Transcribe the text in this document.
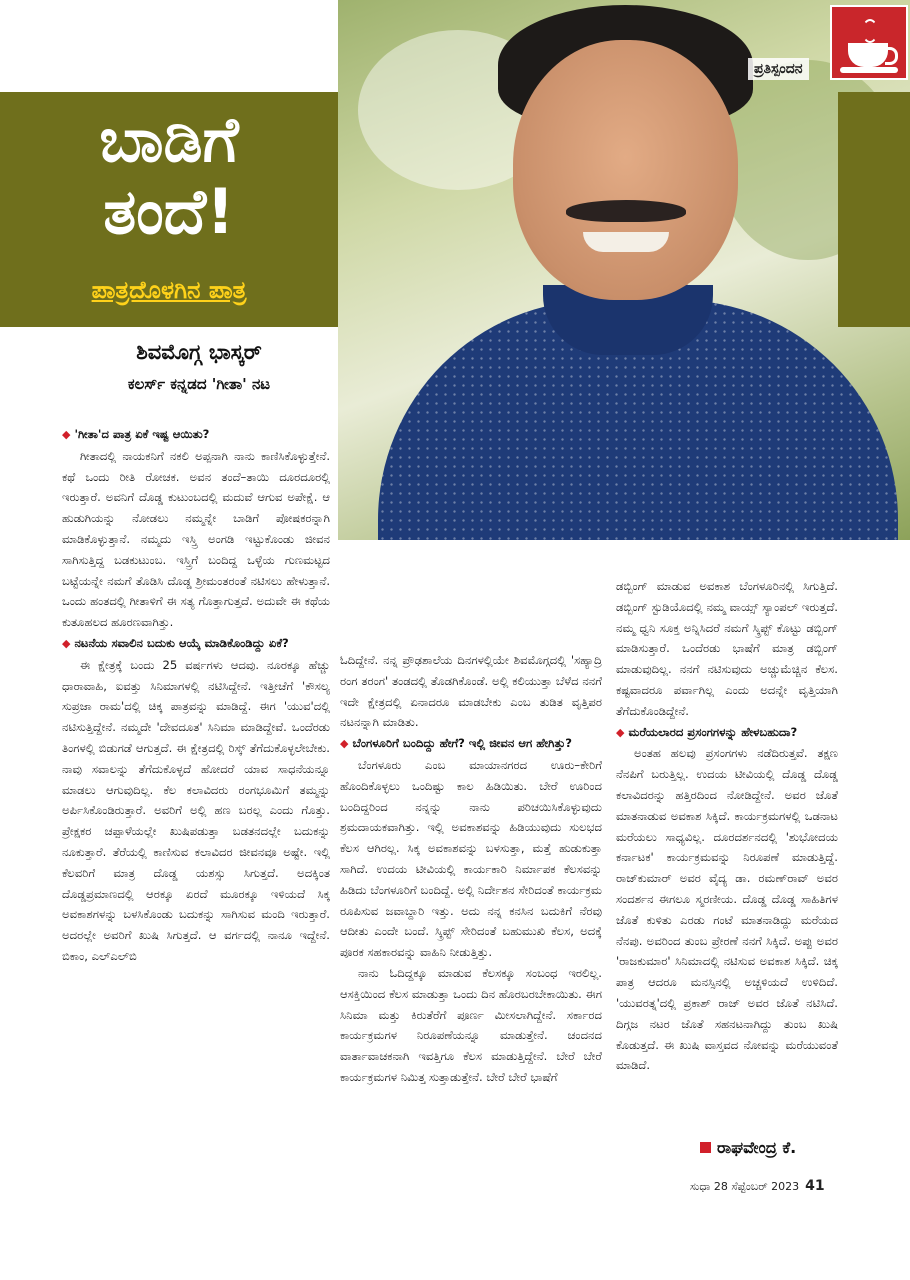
ಪ್ರತಿಸ್ಪಂದನ
ಬಾಡಿಗೆ
ತಂದೆ!
ಪಾತ್ರದೊಳಗಿನ ಪಾತ್ರ
ಶಿವಮೊಗ್ಗ ಭಾಸ್ಕರ್
ಕಲರ್ಸ್ ಕನ್ನಡದ 'ಗೀತಾ' ನಟ

◆ 'ಗೀತಾ'ದ ಪಾತ್ರ ಏಕೆ ಇಷ್ಟ ಆಯಿತು?

ಗೀತಾದಲ್ಲಿ ನಾಯಕನಿಗೆ ನಕಲಿ ಅಪ್ಪನಾಗಿ ನಾನು ಕಾಣಿಸಿಕೊಳ್ಳುತ್ತೇನೆ. ಕಥೆ ಒಂದು ರೀತಿ ರೋಚಕ. ಅವನ ತಂದೆ–ತಾಯಿ ದೂರದೂರಲ್ಲಿ ಇರುತ್ತಾರೆ. ಅವನಿಗೆ ದೊಡ್ಡ ಕುಟುಂಬದಲ್ಲಿ ಮದುವೆ ಆಗುವ ಅಪೇಕ್ಷೆ. ಆ ಹುಡುಗಿಯನ್ನು ನೋಡಲು ನಮ್ಮನ್ನೇ ಬಾಡಿಗೆ ಪೋಷಕರನ್ನಾಗಿ ಮಾಡಿಕೊಳ್ಳುತ್ತಾನೆ. ನಮ್ಮದು ಇಸ್ತ್ರಿ ಅಂಗಡಿ ಇಟ್ಟುಕೊಂಡು ಜೀವನ ಸಾಗಿಸುತ್ತಿದ್ದ ಬಡಕುಟುಂಬ. ಇಸ್ತ್ರಿಗೆ ಬಂದಿದ್ದ ಒಳ್ಳೆಯ ಗುಣಮಟ್ಟದ ಬಟ್ಟೆಯನ್ನೇ ನಮಗೆ ತೊಡಿಸಿ ದೊಡ್ಡ ಶ್ರೀಮಂತರಂತೆ ನಟಿಸಲು ಹೇಳುತ್ತಾನೆ. ಒಂದು ಹಂತದಲ್ಲಿ ಗೀತಾಳಿಗೆ ಈ ಸತ್ಯ ಗೊತ್ತಾಗುತ್ತದೆ. ಅದುವೇ ಈ ಕಥೆಯ ಕುತೂಹಲದ ಹೂರಣವಾಗಿತ್ತು.

◆ ನಟನೆಯ ಸವಾಲಿನ ಬದುಕು ಆಯ್ಕೆ ಮಾಡಿಕೊಂಡಿದ್ದು ಏಕೆ?

ಈ ಕ್ಷೇತ್ರಕ್ಕೆ ಬಂದು 25 ವರ್ಷಗಳು ಆದವು. ನೂರಕ್ಕೂ ಹೆಚ್ಚು ಧಾರಾವಾಹಿ, ಐವತ್ತು ಸಿನಿಮಾಗಳಲ್ಲಿ ನಟಿಸಿದ್ದೇನೆ. ಇತ್ತೀಚೆಗೆ 'ಕೌಸಲ್ಯ ಸುಪ್ರಜಾ ರಾಮ'ದಲ್ಲಿ ಚಿಕ್ಕ ಪಾತ್ರವನ್ನು ಮಾಡಿದ್ದೆ. ಈಗ 'ಯುವ'ದಲ್ಲಿ ನಟಿಸುತ್ತಿದ್ದೇನೆ. ನಮ್ಮದೇ 'ದೇವದೂತ' ಸಿನಿಮಾ ಮಾಡಿದ್ದೇವೆ. ಒಂದೆರಡು ತಿಂಗಳಲ್ಲಿ ಬಿಡುಗಡೆ ಆಗುತ್ತದೆ. ಈ ಕ್ಷೇತ್ರದಲ್ಲಿ ರಿಸ್ಕ್ ತೆಗೆದುಕೊಳ್ಳಲೇಬೇಕು. ನಾವು ಸವಾಲನ್ನು ತೆಗೆದುಕೊಳ್ಳದೆ ಹೋದರೆ ಯಾವ ಸಾಧನೆಯನ್ನೂ ಮಾಡಲು ಆಗುವುದಿಲ್ಲ. ಕೆಲ ಕಲಾವಿದರು ರಂಗಭೂಮಿಗೆ ತಮ್ಮನ್ನು ಅರ್ಪಿಸಿಕೊಂಡಿರುತ್ತಾರೆ. ಅವರಿಗೆ ಅಲ್ಲಿ ಹಣ ಬರಲ್ಲ ಎಂದು ಗೊತ್ತು. ಪ್ರೇಕ್ಷಕರ ಚಪ್ಪಾಳೆಯಲ್ಲೇ ಖುಷಿಪಡುತ್ತಾ ಬಡತನದಲ್ಲೇ ಬದುಕನ್ನು ನೂಕುತ್ತಾರೆ. ತೆರೆಯಲ್ಲಿ ಕಾಣಿಸುವ ಕಲಾವಿದರ ಜೀವನವೂ ಅಷ್ಟೇ. ಇಲ್ಲಿ ಕೆಲವರಿಗೆ ಮಾತ್ರ ದೊಡ್ಡ ಯಶಸ್ಸು ಸಿಗುತ್ತದೆ. ಅದಕ್ಕಿಂತ ದೊಡ್ಡಪ್ರಮಾಣದಲ್ಲಿ ಆರಕ್ಕೂ ಏರದೆ ಮೂರಕ್ಕೂ ಇಳಿಯದೆ ಸಿಕ್ಕ ಅವಕಾಶಗಳನ್ನು ಬಳಸಿಕೊಂಡು ಬದುಕನ್ನು ಸಾಗಿಸುವ ಮಂದಿ ಇರುತ್ತಾರೆ. ಅದರಲ್ಲೇ ಅವರಿಗೆ ಖುಷಿ ಸಿಗುತ್ತದೆ. ಆ ವರ್ಗದಲ್ಲಿ ನಾನೂ ಇದ್ದೇನೆ. ಬಿಕಾಂ, ಎಲ್‌ಎಲ್‌ಬಿ

ಓದಿದ್ದೇನೆ. ನನ್ನ ಪ್ರೌಢಶಾಲೆಯ ದಿನಗಳಲ್ಲಿಯೇ ಶಿವಮೊಗ್ಗದಲ್ಲಿ 'ಸಹ್ಯಾದ್ರಿ ರಂಗ ತರಂಗ' ತಂಡದಲ್ಲಿ ತೊಡಗಿಕೊಂಡೆ. ಅಲ್ಲಿ ಕಲಿಯುತ್ತಾ ಬೆಳೆದ ನನಗೆ ಇದೇ ಕ್ಷೇತ್ರದಲ್ಲಿ ಏನಾದರೂ ಮಾಡಬೇಕು ಎಂಬ ತುಡಿತ ವೃತ್ತಿಪರ ನಟನನ್ನಾಗಿ ಮಾಡಿತು.

◆ ಬೆಂಗಳೂರಿಗೆ ಬಂದಿದ್ದು ಹೇಗೆ? ಇಲ್ಲಿ ಜೀವನ ಆಗ ಹೇಗಿತ್ತು?

ಬೆಂಗಳೂರು ಎಂಬ ಮಾಯಾನಗರದ ಊರು–ಕೇರಿಗೆ ಹೊಂದಿಕೊಳ್ಳಲು ಒಂದಿಷ್ಟು ಕಾಲ ಹಿಡಿಯಿತು. ಬೇರೆ ಊರಿಂದ ಬಂದಿದ್ದರಿಂದ ನನ್ನನ್ನು ನಾನು ಪರಿಚಯಿಸಿಕೊಳ್ಳುವುದು ಶ್ರಮದಾಯಕವಾಗಿತ್ತು. ಇಲ್ಲಿ ಅವಕಾಶವನ್ನು ಹಿಡಿಯುವುದು ಸುಲಭದ ಕೆಲಸ ಆಗಿರಲ್ಲ. ಸಿಕ್ಕ ಅವಕಾಶವನ್ನು ಬಳಸುತ್ತಾ, ಮತ್ತೆ ಹುಡುಕುತ್ತಾ ಸಾಗಿದೆ. ಉದಯ ಟೀವಿಯಲ್ಲಿ ಕಾರ್ಯಕಾರಿ ನಿರ್ಮಾಪಕ ಕೆಲಸವನ್ನು ಹಿಡಿದು ಬೆಂಗಳೂರಿಗೆ ಬಂದಿದ್ದೆ. ಅಲ್ಲಿ ನಿರ್ದೇಶನ ಸೇರಿದಂತೆ ಕಾರ್ಯಕ್ರಮ ರೂಪಿಸುವ ಜವಾಬ್ದಾರಿ ಇತ್ತು. ಅದು ನನ್ನ ಕನಸಿನ ಬದುಕಿಗೆ ನೆರವು ಆದೀತು ಎಂದೇ ಬಂದೆ. ಸ್ಕ್ರಿಪ್ಟ್ ಸೇರಿದಂತೆ ಬಹುಮುಖಿ ಕೆಲಸ, ಅದಕ್ಕೆ ಪೂರಕ ಸಹಕಾರವನ್ನು ವಾಹಿನಿ ನೀಡುತ್ತಿತ್ತು.

ನಾನು ಓದಿದ್ದಕ್ಕೂ ಮಾಡುವ ಕೆಲಸಕ್ಕೂ ಸಂಬಂಧ ಇರಲಿಲ್ಲ. ಆಸಕ್ತಿಯಿಂದ ಕೆಲಸ ಮಾಡುತ್ತಾ ಒಂದು ದಿನ ಹೊರಬರಬೇಕಾಯಿತು. ಈಗ ಸಿನಿಮಾ ಮತ್ತು ಕಿರುತೆರೆಗೆ ಪೂರ್ಣ ಮೀಸಲಾಗಿದ್ದೇನೆ. ಸರ್ಕಾರದ ಕಾರ್ಯಕ್ರಮಗಳ ನಿರೂಪಣೆಯನ್ನೂ ಮಾಡುತ್ತೇನೆ. ಚಂದನದ ವಾರ್ತಾವಾಚಕನಾಗಿ ಇವತ್ತಿಗೂ ಕೆಲಸ ಮಾಡುತ್ತಿದ್ದೇನೆ. ಬೇರೆ ಬೇರೆ ಕಾರ್ಯಕ್ರಮಗಳ ನಿಮಿತ್ತ ಸುತ್ತಾಡುತ್ತೇನೆ. ಬೇರೆ ಬೇರೆ ಭಾಷೆಗೆ

ಡಬ್ಬಿಂಗ್ ಮಾಡುವ ಅವಕಾಶ ಬೆಂಗಳೂರಿನಲ್ಲಿ ಸಿಗುತ್ತಿದೆ. ಡಬ್ಬಿಂಗ್ ಸ್ಟುಡಿಯೊದಲ್ಲಿ ನಮ್ಮ ವಾಯ್ಸ್ ಸ್ಯಾಂಪಲ್ ಇರುತ್ತದೆ. ನಮ್ಮ ಧ್ವನಿ ಸೂಕ್ತ ಅನ್ನಿಸಿದರೆ ನಮಗೆ ಸ್ಕ್ರಿಪ್ಟ್ ಕೊಟ್ಟು ಡಬ್ಬಿಂಗ್ ಮಾಡಿಸುತ್ತಾರೆ. ಒಂದೆರಡು ಭಾಷೆಗೆ ಮಾತ್ರ ಡಬ್ಬಿಂಗ್ ಮಾಡುವುದಿಲ್ಲ. ನನಗೆ ನಟಿಸುವುದು ಅಚ್ಚುಮೆಚ್ಚಿನ ಕೆಲಸ. ಕಷ್ಟವಾದರೂ ಪರ್ವಾಗಿಲ್ಲ ಎಂದು ಅದನ್ನೇ ವೃತ್ತಿಯಾಗಿ ತೆಗೆದುಕೊಂಡಿದ್ದೇನೆ.

◆ ಮರೆಯಲಾರದ ಪ್ರಸಂಗಗಳನ್ನು ಹೇಳಬಹುದಾ?

ಅಂತಹ ಹಲವು ಪ್ರಸಂಗಗಳು ನಡೆದಿರುತ್ತವೆ. ತಕ್ಷಣ ನೆನಪಿಗೆ ಬರುತ್ತಿಲ್ಲ. ಉದಯ ಟೀವಿಯಲ್ಲಿ ದೊಡ್ಡ ದೊಡ್ಡ ಕಲಾವಿದರನ್ನು ಹತ್ತಿರದಿಂದ ನೋಡಿದ್ದೇನೆ. ಅವರ ಜೊತೆ ಮಾತನಾಡುವ ಅವಕಾಶ ಸಿಕ್ಕಿದೆ. ಕಾರ್ಯಕ್ರಮಗಳಲ್ಲಿ ಒಡನಾಟ ಮರೆಯಲು ಸಾಧ್ಯವಿಲ್ಲ. ದೂರದರ್ಶನದಲ್ಲಿ 'ಶುಭೋದಯ ಕರ್ನಾಟಕ' ಕಾರ್ಯಕ್ರಮವನ್ನು ನಿರೂಪಣೆ ಮಾಡುತ್ತಿದ್ದೆ. ರಾಜ್‌ಕುಮಾರ್ ಅವರ ವೈದ್ಯ ಡಾ. ರಮಣ್‌ರಾವ್ ಅವರ ಸಂದರ್ಶನ ಈಗಲೂ ಸ್ಮರಣೀಯ. ದೊಡ್ಡ ದೊಡ್ಡ ಸಾಹಿತಿಗಳ ಜೊತೆ ಕುಳಿತು ಎರಡು ಗಂಟೆ ಮಾತನಾಡಿದ್ದು ಮರೆಯದ ನೆನಪು. ಅವರಿಂದ ತುಂಬ ಪ್ರೇರಣೆ ನನಗೆ ಸಿಕ್ಕಿದೆ. ಅಪ್ಪು ಅವರ 'ರಾಜಕುಮಾರ' ಸಿನಿಮಾದಲ್ಲಿ ನಟಿಸುವ ಅವಕಾಶ ಸಿಕ್ಕಿದೆ. ಚಿಕ್ಕ ಪಾತ್ರ ಆದರೂ ಮನಸ್ಸಿನಲ್ಲಿ ಅಚ್ಚಳಿಯದೆ ಉಳಿದಿದೆ. 'ಯುವರತ್ನ'ದಲ್ಲಿ ಪ್ರಕಾಶ್ ರಾಜ್ ಅವರ ಜೊತೆ ನಟಿಸಿದೆ. ದಿಗ್ಗಜ ನಟರ ಜೊತೆ ಸಹನಟನಾಗಿದ್ದು ತುಂಬ ಖುಷಿ ಕೊಡುತ್ತದೆ. ಈ ಖುಷಿ ವಾಸ್ತವದ ನೋವನ್ನು ಮರೆಯುವಂತೆ ಮಾಡಿದೆ.

ರಾಘವೇಂದ್ರ ಕೆ.
ಸುಧಾ 28 ಸೆಪ್ಟೆಂಬರ್ 2023 41
